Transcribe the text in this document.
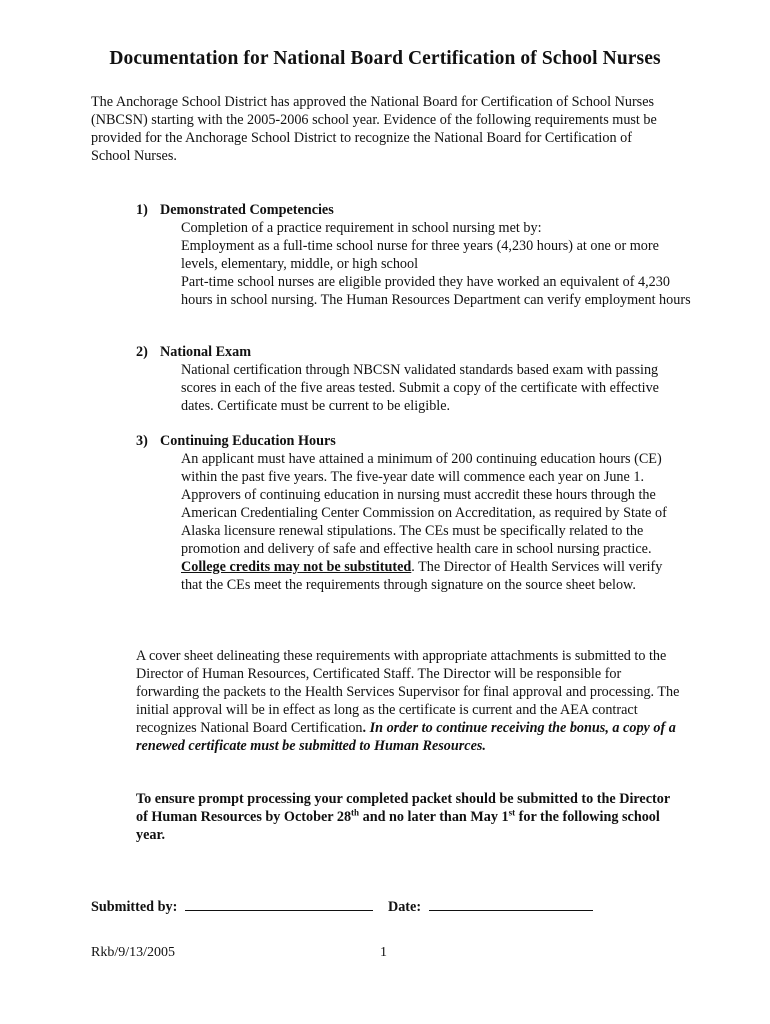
Documentation for National Board Certification of School Nurses
The Anchorage School District has approved the National Board for Certification of School Nurses (NBCSN) starting with the 2005-2006 school year. Evidence of the following requirements must be provided for the Anchorage School District to recognize the National Board for Certification of School Nurses.
1) Demonstrated Competencies

Completion of a practice requirement in school nursing met by:

Employment as a full-time school nurse for three years (4,230 hours) at one or more levels, elementary, middle, or high school

Part-time school nurses are eligible provided they have worked an equivalent of 4,230 hours in school nursing. The Human Resources Department can verify employment hours

2) National Exam
National certification through NBCSN validated standards based exam with passing scores in each of the five areas tested. Submit a copy of the certificate with effective dates. Certificate must be current to be eligible.
3) Continuing Education Hours
An applicant must have attained a minimum of 200 continuing education hours (CE) within the past five years. The five-year date will commence each year on June 1. Approvers of continuing education in nursing must accredit these hours through the American Credentialing Center Commission on Accreditation, as required by State of Alaska licensure renewal stipulations. The CEs must be specifically related to the promotion and delivery of safe and effective health care in school nursing practice. College credits may not be substituted. The Director of Health Services will verify that the CEs meet the requirements through signature on the source sheet below.
A cover sheet delineating these requirements with appropriate attachments is submitted to the Director of Human Resources, Certificated Staff. The Director will be responsible for forwarding the packets to the Health Services Supervisor for final approval and processing. The initial approval will be in effect as long as the certificate is current and the AEA contract recognizes National Board Certification. In order to continue receiving the bonus, a copy of a renewed certificate must be submitted to Human Resources.
To ensure prompt processing your completed packet should be submitted to the Director of Human Resources by October 28th and no later than May 1st for the following school year.
Submitted by:	Date:
Rkb/9/13/2005	1
